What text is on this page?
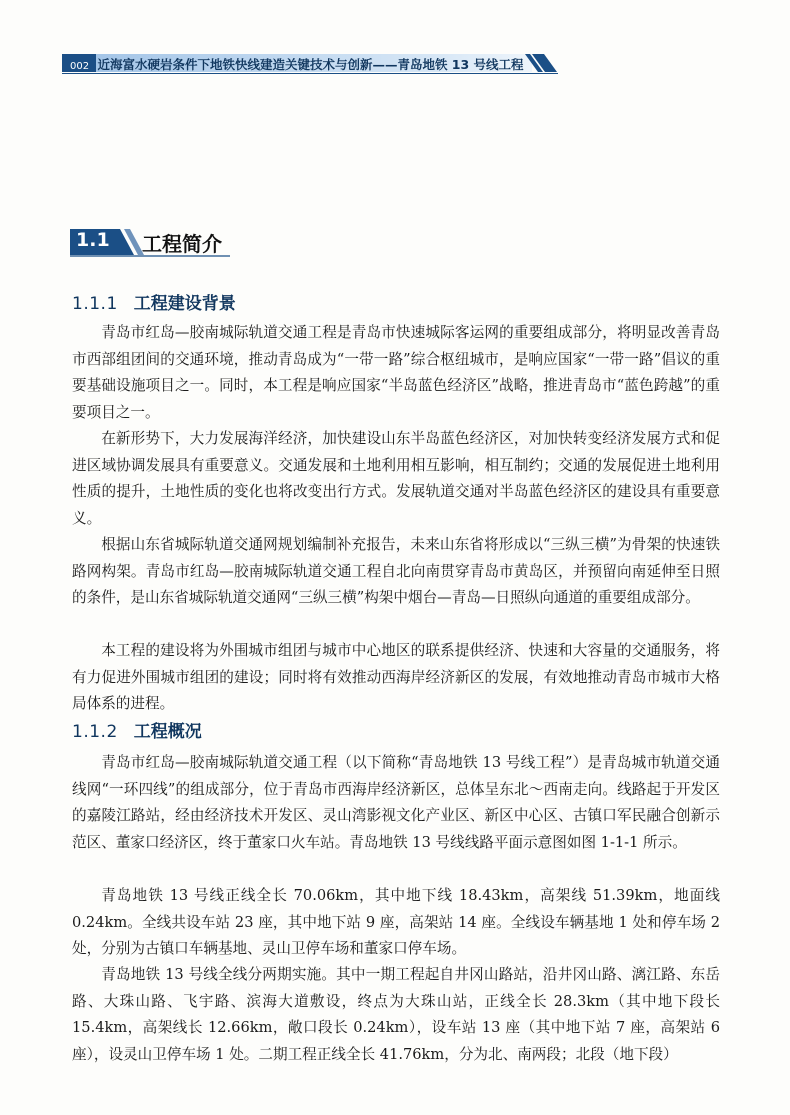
002 近海富水硬岩条件下地铁快线建造关键技术与创新——青岛地铁 13 号线工程
1.1 工程简介
1.1.1 工程建设背景

青岛市红岛—胶南城际轨道交通工程是青岛市快速城际客运网的重要组成部分，将明显改善青岛市西部组团间的交通环境，推动青岛成为“一带一路”综合枢纽城市，是响应国家“一带一路”倡议的重要基础设施项目之一。同时，本工程是响应国家“半岛蓝色经济区”战略，推进青岛市“蓝色跨越”的重要项目之一。

在新形势下，大力发展海洋经济，加快建设山东半岛蓝色经济区，对加快转变经济发展方式和促进区域协调发展具有重要意义。交通发展和土地利用相互影响，相互制约；交通的发展促进土地利用性质的提升，土地性质的变化也将改变出行方式。发展轨道交通对半岛蓝色经济区的建设具有重要意义。

根据山东省城际轨道交通网规划编制补充报告，未来山东省将形成以“三纵三横”为骨架的快速铁路网构架。青岛市红岛—胶南城际轨道交通工程自北向南贯穿青岛市黄岛区，并预留向南延伸至日照的条件，是山东省城际轨道交通网“三纵三横”构架中烟台—青岛—日照纵向通道的重要组成部分。

本工程的建设将为外围城市组团与城市中心地区的联系提供经济、快速和大容量的交通服务，将有力促进外围城市组团的建设；同时将有效推动西海岸经济新区的发展，有效地推动青岛市城市大格局体系的进程。

1.1.2 工程概况

青岛市红岛—胶南城际轨道交通工程（以下简称“青岛地铁 13 号线工程”）是青岛城市轨道交通线网“一环四线”的组成部分，位于青岛市西海岸经济新区，总体呈东北～西南走向。线路起于开发区的嘉陵江路站，经由经济技术开发区、灵山湾影视文化产业区、新区中心区、古镇口军民融合创新示范区、董家口经济区，终于董家口火车站。青岛地铁 13 号线线路平面示意图如图 1-1-1 所示。

青岛地铁 13 号线正线全长 70.06km，其中地下线 18.43km，高架线 51.39km，地面线 0.24km。全线共设车站 23 座，其中地下站 9 座，高架站 14 座。全线设车辆基地 1 处和停车场 2 处，分别为古镇口车辆基地、灵山卫停车场和董家口停车场。

青岛地铁 13 号线全线分两期实施。其中一期工程起自井冈山路站，沿井冈山路、漓江路、东岳路、大珠山路、飞宇路、滨海大道敷设，终点为大珠山站，正线全长 28.3km（其中地下段长 15.4km，高架线长 12.66km，敞口段长 0.24km），设车站 13 座（其中地下站 7 座，高架站 6 座），设灵山卫停车场 1 处。二期工程正线全长 41.76km，分为北、南两段；北段（地下段）
